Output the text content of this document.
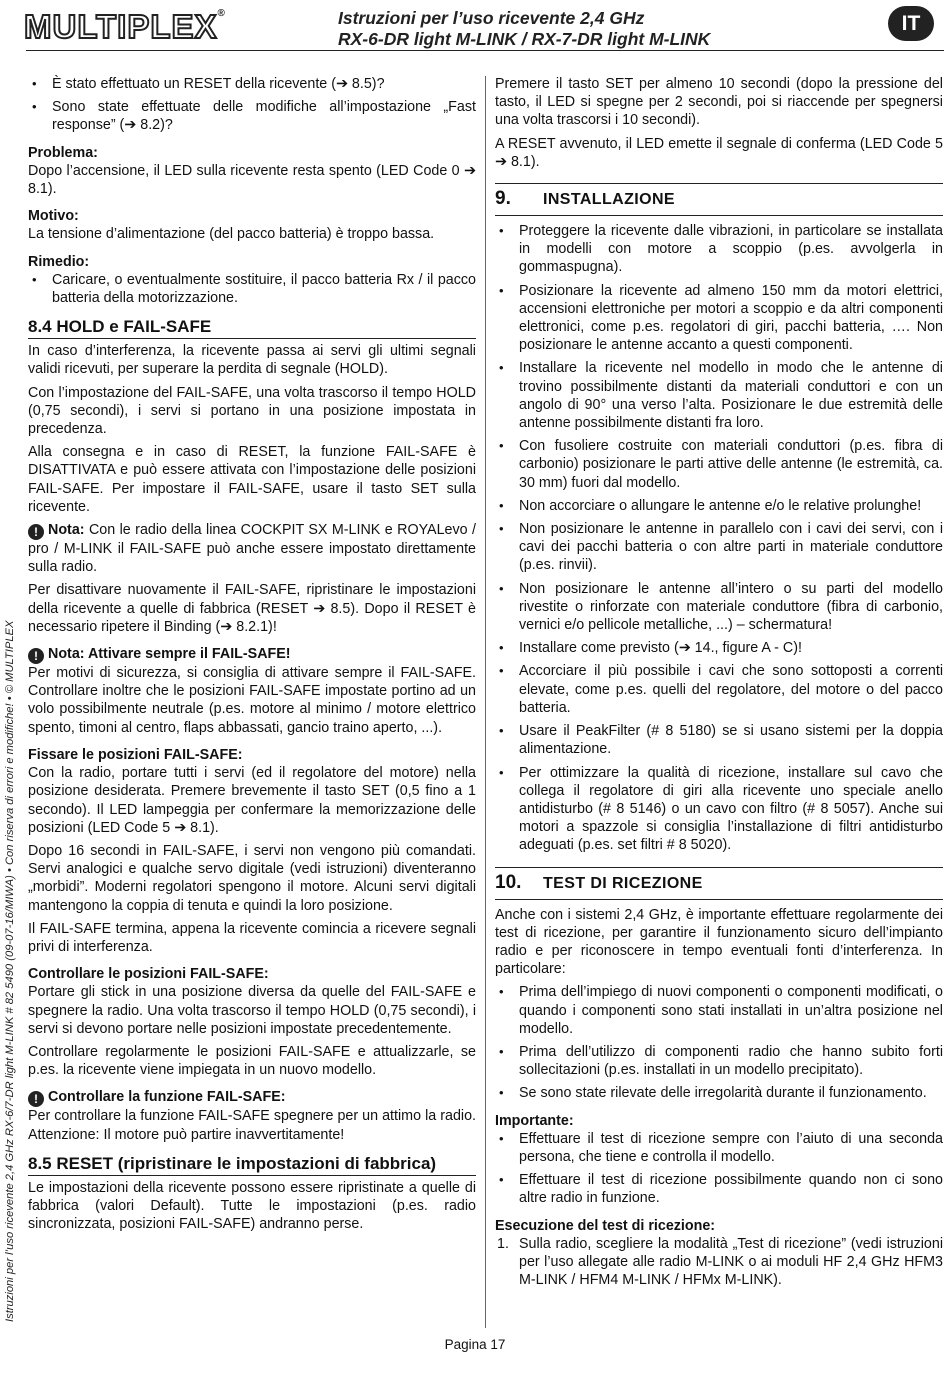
MULTIPLEX®	Istruzioni per l’uso ricevente 2,4 GHz
RX-6-DR light M-LINK / RX-7-DR light M-LINK
IT
Istruzioni per l’uso ricevente 2,4 GHz RX-6/7-DR light M-LINK # 82 5490 (09-07-16/MIWA) • Con riserva di errori e modifiche! • © MULTIPLEX
• È stato effettuato un RESET della ricevente (➔ 8.5)?
• Sono state effettuate delle modifiche all’impostazione „Fast response” (➔ 8.2)?
Problema:

Dopo l’accensione, il LED sulla ricevente resta spento (LED Code 0 ➔ 8.1).

Motivo:

La tensione d’alimentazione (del pacco batteria) è troppo bassa.

Rimedio:
• Caricare, o eventualmente sostituire, il pacco batteria Rx / il pacco batteria della motorizzazione.
8.4 HOLD e FAIL-SAFE

In caso d’interferenza, la ricevente passa ai servi gli ultimi segnali validi ricevuti, per superare la perdita di segnale (HOLD).

Con l’impostazione del FAIL-SAFE, una volta trascorso il tempo HOLD (0,75 secondi), i servi si portano in una posizione impostata in precedenza.

Alla consegna e in caso di RESET, la funzione FAIL-SAFE è DISATTIVATA e può essere attivata con l’impostazione delle posizioni FAIL-SAFE. Per impostare il FAIL-SAFE, usare il tasto SET sulla ricevente.

! Nota: Con le radio della linea COCKPIT SX M-LINK e ROYALevo / pro / M-LINK il FAIL-SAFE può anche essere impostato direttamente sulla radio.

Per disattivare nuovamente il FAIL-SAFE, ripristinare le impostazioni della ricevente a quelle di fabbrica (RESET ➔ 8.5). Dopo il RESET è necessario ripetere il Binding (➔ 8.2.1)!

! Nota: Attivare sempre il FAIL-SAFE!

Per motivi di sicurezza, si consiglia di attivare sempre il FAIL-SAFE. Controllare inoltre che le posizioni FAIL-SAFE impostate portino ad un volo possibilmente neutrale (p.es. motore al minimo / motore elettrico spento, timoni al centro, flaps abbassati, gancio traino aperto, ...).

Fissare le posizioni FAIL-SAFE:

Con la radio, portare tutti i servi (ed il regolatore del motore) nella posizione desiderata. Premere brevemente il tasto SET (0,5 fino a 1 secondo). Il LED lampeggia per confermare la memorizzazione delle posizioni (LED Code 5 ➔ 8.1).

Dopo 16 secondi in FAIL-SAFE, i servi non vengono più comandati. Servi analogici e qualche servo digitale (vedi istruzioni) diventeranno „morbidi”. Moderni regolatori spengono il motore. Alcuni servi digitali mantengono la coppia di tenuta e quindi la loro posizione.

Il FAIL-SAFE termina, appena la ricevente comincia a ricevere segnali privi di interferenza.

Controllare le posizioni FAIL-SAFE:

Portare gli stick in una posizione diversa da quelle del FAIL-SAFE e spegnere la radio. Una volta trascorso il tempo HOLD (0,75 secondi), i servi si devono portare nelle posizioni impostate precedentemente.

Controllare regolarmente le posizioni FAIL-SAFE e attualizzarle, se p.es. la ricevente viene impiegata in un nuovo modello.

! Controllare la funzione FAIL-SAFE:

Per controllare la funzione FAIL-SAFE spegnere per un attimo la radio. Attenzione: Il motore può partire inavvertitamente!

8.5 RESET (ripristinare le impostazioni di fabbrica)

Le impostazioni della ricevente possono essere ripristinate a quelle di fabbrica (valori Default). Tutte le impostazioni (p.es. radio sincronizzata, posizioni FAIL-SAFE) andranno perse.

Premere il tasto SET per almeno 10 secondi (dopo la pressione del tasto, il LED si spegne per 2 secondi, poi si riaccende per spegnersi una volta trascorsi i 10 secondi).

A RESET avvenuto, il LED emette il segnale di conferma (LED Code 5 ➔ 8.1).

9. INSTALLAZIONE
• Proteggere la ricevente dalle vibrazioni, in particolare se installata in modelli con motore a scoppio (p.es. avvolgerla in gommaspugna).
• Posizionare la ricevente ad almeno 150 mm da motori elettrici, accensioni elettroniche per motori a scoppio e da altri componenti elettronici, come p.es. regolatori di giri, pacchi batteria, …. Non posizionare le antenne accanto a questi componenti.
• Installare la ricevente nel modello in modo che le antenne di trovino possibilmente distanti da materiali conduttori e con un angolo di 90° una verso l’alta. Posizionare le due estremità delle antenne possibilmente distanti fra loro.
• Con fusoliere costruite con materiali conduttori (p.es. fibra di carbonio) posizionare le parti attive delle antenne (le estremità, ca. 30 mm) fuori dal modello.
• Non accorciare o allungare le antenne e/o le relative prolunghe!
• Non posizionare le antenne in parallelo con i cavi dei servi, con i cavi dei pacchi batteria o con altre parti in materiale conduttore (p.es. rinvii).
• Non posizionare le antenne all’intero o su parti del modello rivestite o rinforzate con materiale conduttore (fibra di carbonio, vernici e/o pellicole metalliche, ...) – schermatura!
• Installare come previsto (➔ 14., figure A - C)!
• Accorciare il più possibile i cavi che sono sottoposti a correnti elevate, come p.es. quelli del regolatore, del motore o del pacco batteria.
• Usare il PeakFilter (# 8 5180) se si usano sistemi per la doppia alimentazione.
• Per ottimizzare la qualità di ricezione, installare sul cavo che collega il regolatore di giri alla ricevente uno speciale anello antidisturbo (# 8 5146) o un cavo con filtro (# 8 5057). Anche sui motori a spazzole si consiglia l’installazione di filtri antidisturbo adeguati (p.es. set filtri # 8 5020).
10. TEST DI RICEZIONE

Anche con i sistemi 2,4 GHz, è importante effettuare regolarmente dei test di ricezione, per garantire il funzionamento sicuro dell’impianto radio e per riconoscere in tempo eventuali fonti d’interferenza. In particolare:

• Prima dell’impiego di nuovi componenti o componenti modificati, o quando i componenti sono stati installati in un’altra posizione nel modello.
• Prima dell’utilizzo di componenti radio che hanno subito forti sollecitazioni (p.es. installati in un modello precipitato).
• Se sono state rilevate delle irregolarità durante il funzionamento.
Importante:
• Effettuare il test di ricezione sempre con l’aiuto di una seconda persona, che tiene e controlla il modello.
• Effettuare il test di ricezione possibilmente quando non ci sono altre radio in funzione.
Esecuzione del test di ricezione:
1. Sulla radio, scegliere la modalità „Test di ricezione” (vedi istruzioni per l’uso allegate alle radio M-LINK o ai moduli HF 2,4 GHz HFM3 M-LINK / HFM4 M-LINK / HFMx M-LINK).
Pagina 17
